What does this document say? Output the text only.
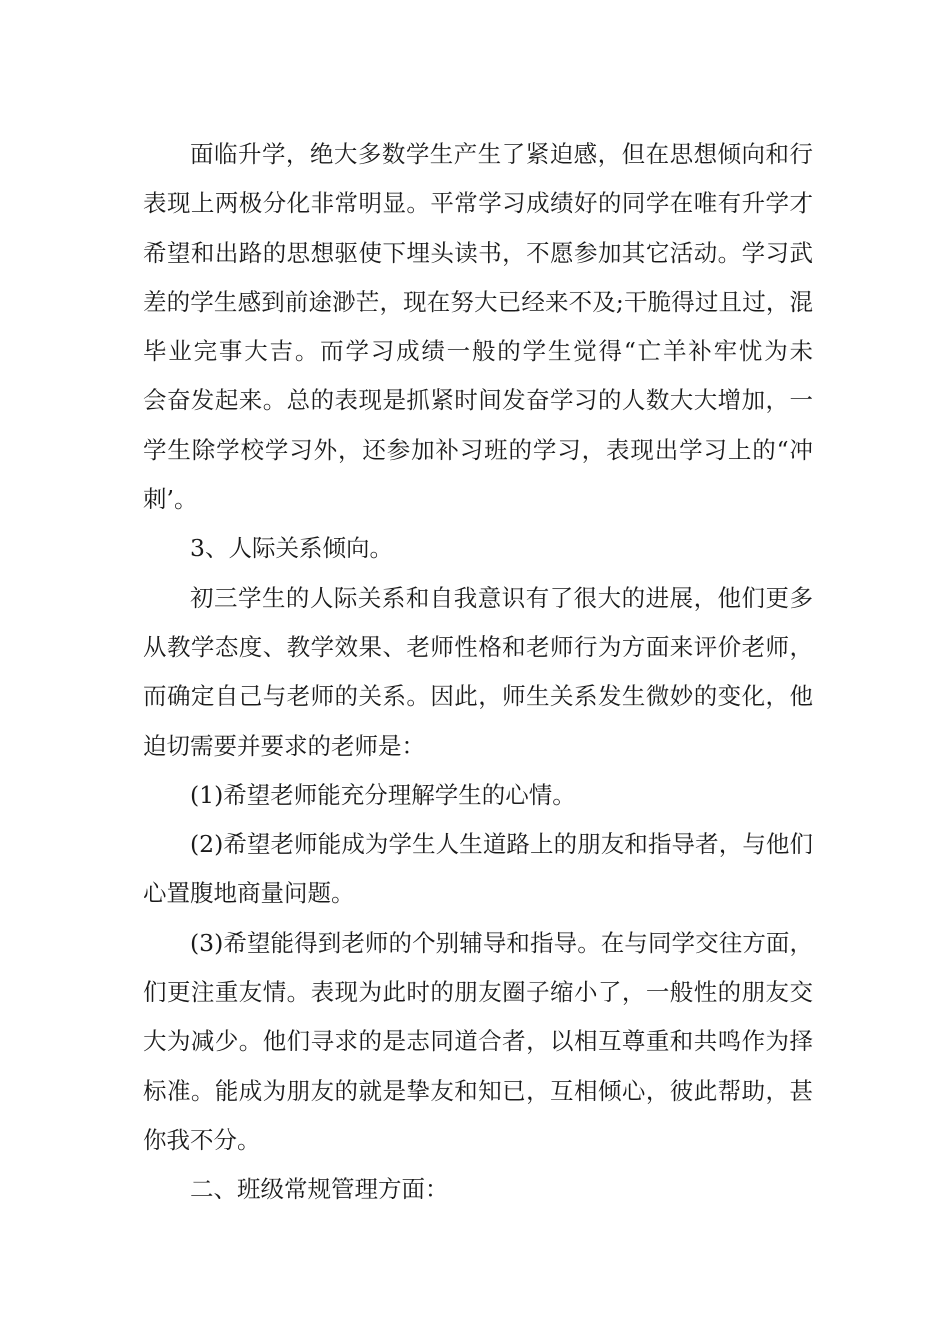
面临升学，绝大多数学生产生了紧迫感，但在思想倾向和行
表现上两极分化非常明显。平常学习成绩好的同学在唯有升学才
希望和出路的思想驱使下埋头读书，不愿参加其它活动。学习武
差的学生感到前途渺芒，现在努大已经来不及;干脆得过且过，混
毕业完事大吉。而学习成绩一般的学生觉得“亡羊补牢忧为未
会奋发起来。总的表现是抓紧时间发奋学习的人数大大增加，一
学生除学校学习外，还参加补习班的学习，表现出学习上的“冲
刺’。
3、人际关系倾向。
初三学生的人际关系和自我意识有了很大的进展，他们更多
从教学态度、教学效果、老师性格和老师行为方面来评价老师，
而确定自己与老师的关系。因此，师生关系发生微妙的变化，他
迫切需要并要求的老师是：
(1)希望老师能充分理解学生的心情。
(2)希望老师能成为学生人生道路上的朋友和指导者，与他们
心置腹地商量问题。
(3)希望能得到老师的个别辅导和指导。在与同学交往方面，
们更注重友情。表现为此时的朋友圈子缩小了，一般性的朋友交
大为减少。他们寻求的是志同道合者，以相互尊重和共鸣作为择
标准。能成为朋友的就是挚友和知已，互相倾心，彼此帮助，甚
你我不分。
二、班级常规管理方面：
